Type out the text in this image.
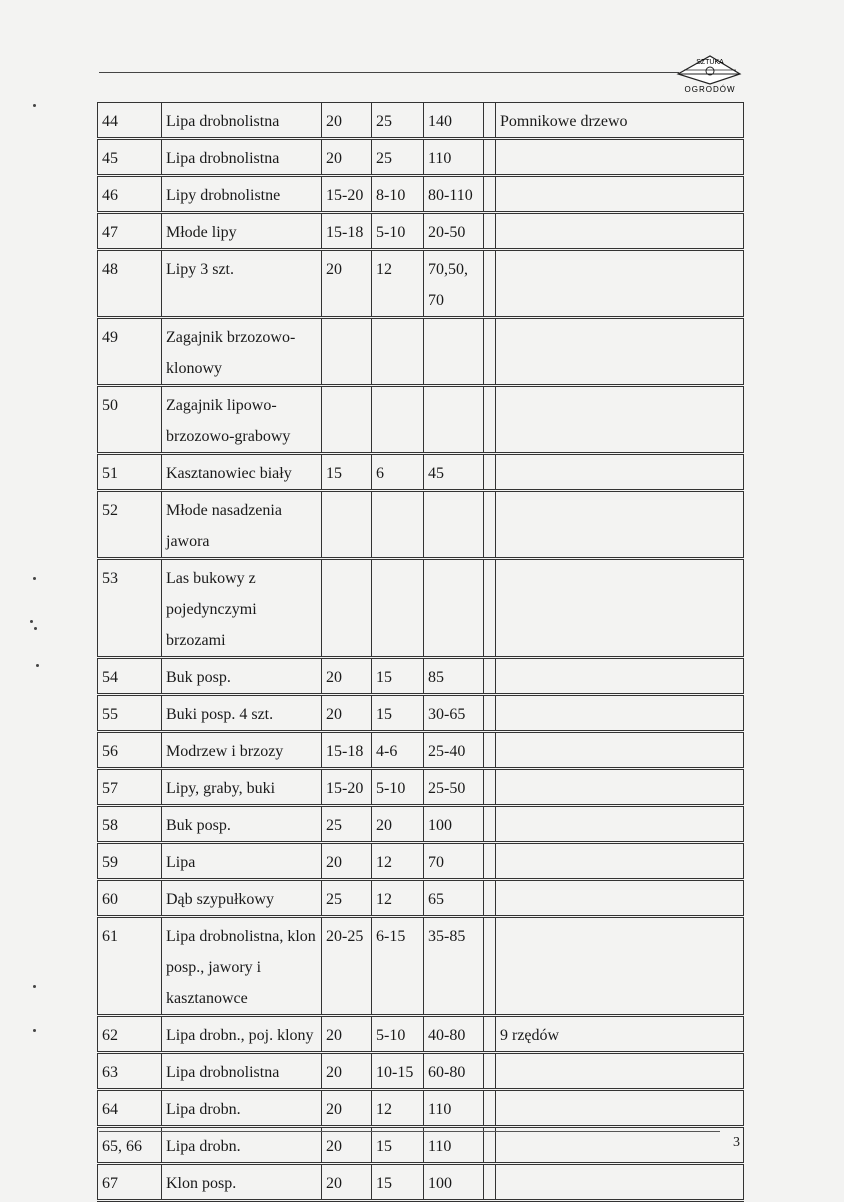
SZTUKA
OGRODÓW
44	Lipa drobnolistna	20	25	140		Pomnikowe drzewo
45	Lipa drobnolistna	20	25	110		
46	Lipy drobnolistne	15-20	8-10	80-110		
47	Młode lipy	15-18	5-10	20-50		
48	Lipy 3 szt.	20	12	70,50, 70		
49	Zagajnik brzozowo-klonowy					
50	Zagajnik lipowo-brzozowo-grabowy					
51	Kasztanowiec biały	15	6	45		
52	Młode nasadzenia jawora					
53	Las bukowy z pojedynczymi brzozami					
54	Buk posp.	20	15	85		
55	Buki posp. 4 szt.	20	15	30-65		
56	Modrzew i brzozy	15-18	4-6	25-40		
57	Lipy, graby, buki	15-20	5-10	25-50		
58	Buk posp.	25	20	100		
59	Lipa	20	12	70		
60	Dąb szypułkowy	25	12	65		
61	Lipa drobnolistna, klon posp., jawory i kasztanowce	20-25	6-15	35-85		
62	Lipa drobn., poj. klony	20	5-10	40-80		9 rzędów
63	Lipa drobnolistna	20	10-15	60-80		
64	Lipa drobn.	20	12	110		
65, 66	Lipa drobn.	20	15	110		
67	Klon posp.	20	15	100		
3
